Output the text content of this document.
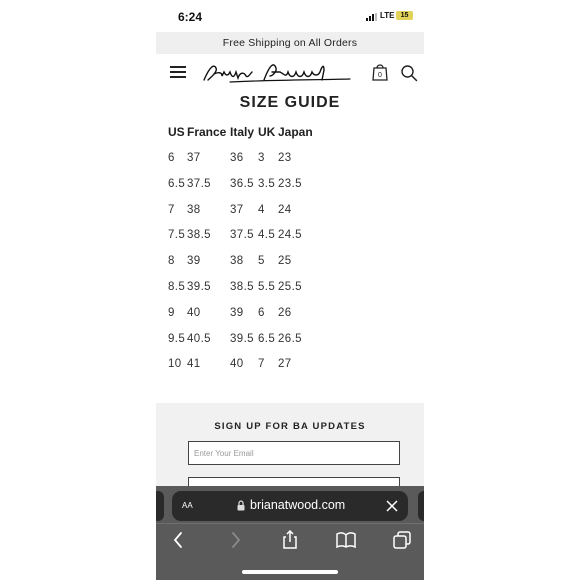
6:24	LTE 15
Free Shipping on All Orders
0
SIZE GUIDE
US France Italy UK Japan
6 37	36 3 23
6.5 37.5 36.5 3.5 23.5
7 38	37 4 24
7.5 38.5 37.5 4.5 24.5
8 39	38 5 25
8.5 39.5 38.5 5.5 25.5
9 40	39 6 26
9.5 40.5 39.5 6.5 26.5
10 41	40 7 27
SIGN UP FOR BA UPDATES
Enter Your Email
AA	brianatwood.com
